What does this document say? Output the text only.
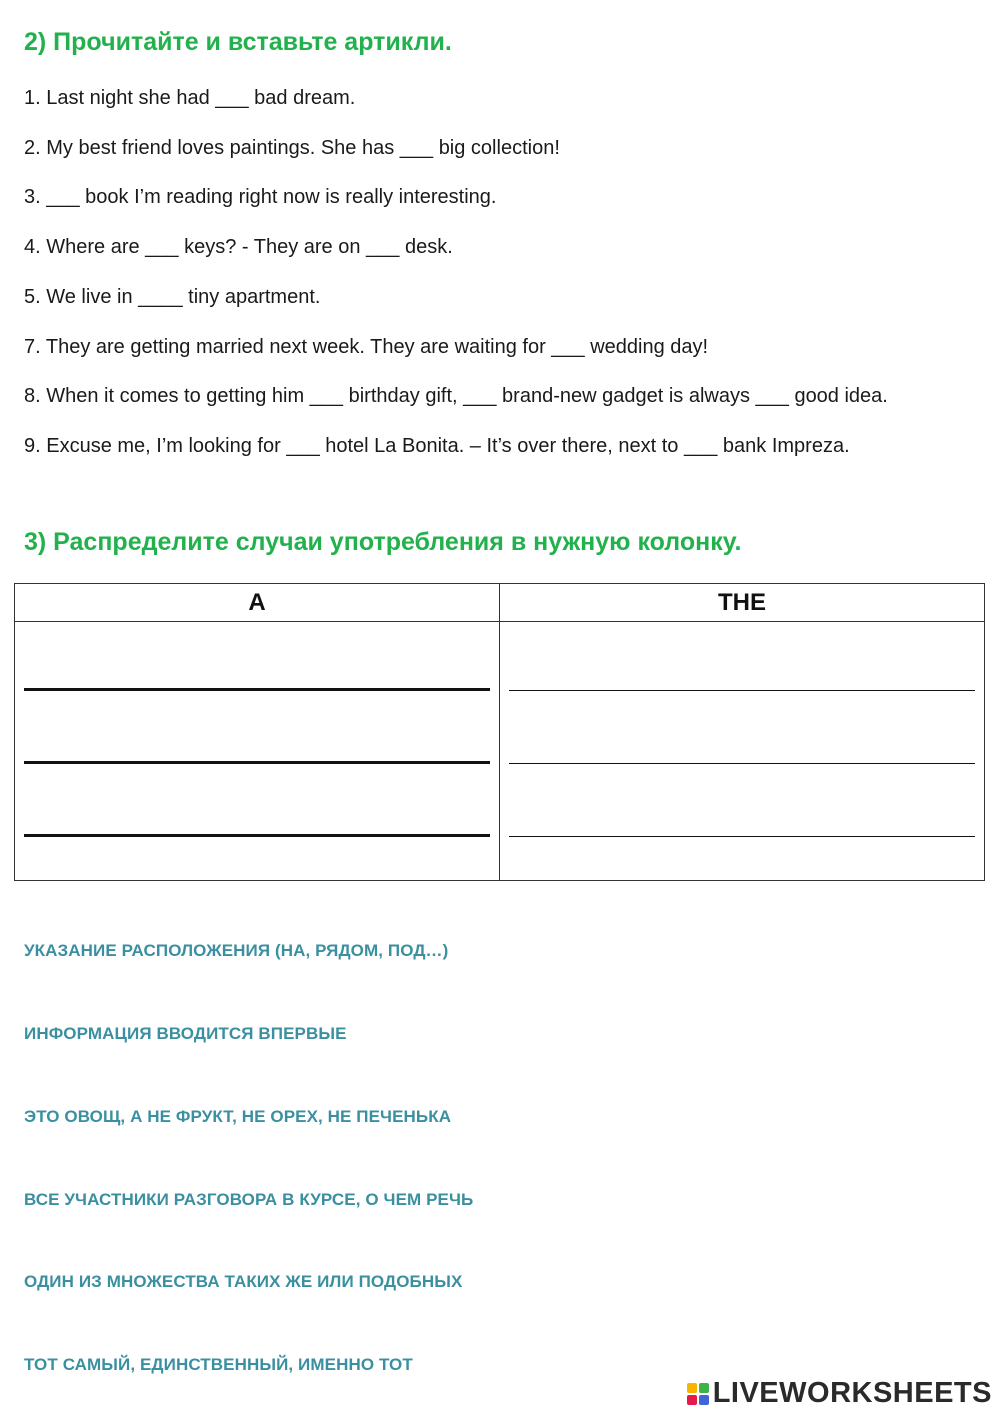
2) Прочитайте и вставьте артикли.

1. Last night she had ___ bad dream.

2. My best friend loves paintings. She has ___ big collection!

3. ___ book I’m reading right now is really interesting.

4. Where are ___ keys? - They are on ___ desk.

5. We live in ____ tiny apartment.

7. They are getting married next week. They are waiting for ___ wedding day!

8. When it comes to getting him ___ birthday gift, ___ brand-new gadget is always ___ good idea.

9. Excuse me, I’m looking for ___ hotel La Bonita. – It’s over there, next to ___ bank Impreza.

3) Распределите случаи употребления в нужную колонку.
A	THE

УКАЗАНИЕ РАСПОЛОЖЕНИЯ (НА, РЯДОМ, ПОД…)
ИНФОРМАЦИЯ ВВОДИТСЯ ВПЕРВЫЕ
ЭТО ОВОЩ, А НЕ ФРУКТ, НЕ ОРЕХ, НЕ ПЕЧЕНЬКА
ВСЕ УЧАСТНИКИ РАЗГОВОРА В КУРСЕ, О ЧЕМ РЕЧЬ
ОДИН ИЗ МНОЖЕСТВА ТАКИХ ЖЕ ИЛИ ПОДОБНЫХ
ТОТ САМЫЙ, ЕДИНСТВЕННЫЙ, ИМЕННО ТОТ
LIVEWORKSHEETS
